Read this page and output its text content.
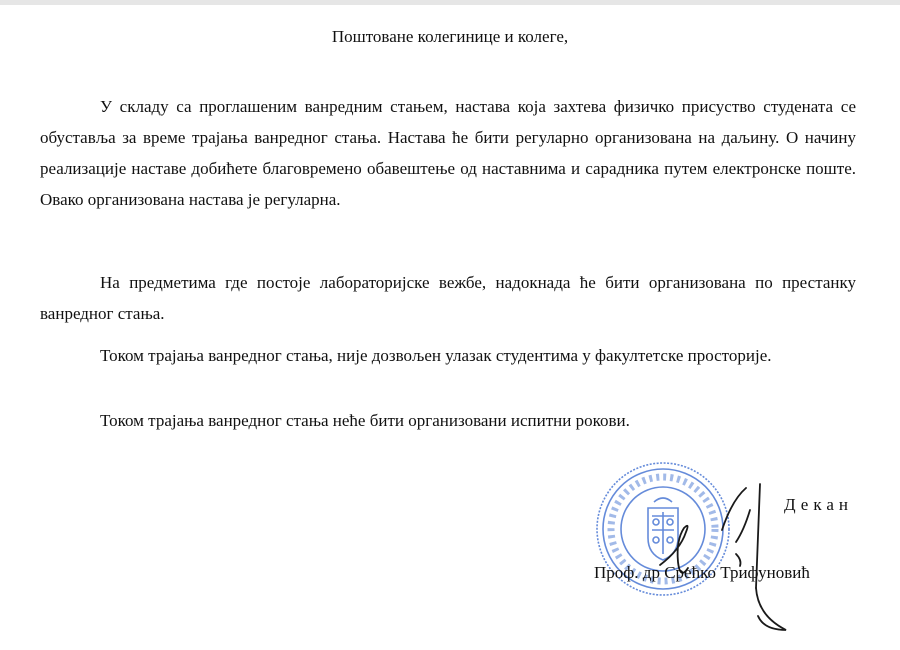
Поштоване колегинице и колеге,

У складу са проглашеним ванредним стањем, настава која захтева физичко присуство студената се обуставља за време трајања ванредног стања. Настава ће бити регуларно организована на даљину. О начину реализације наставе добићете благовремено обавештење од наставнима и сарадника путем електронске поште. Овако организована настава је регуларна.

На предметима где постоје лабораторијске вежбе, надокнада ће бити организована по престанку ванредног стања.

Током трајања ванредног стања, није дозвољен улазак студентима у факултетске просторије.

Током трајања ванредног стања неће бити организовани испитни рокови.

Декан
Проф. др Срећко Трифуновић
